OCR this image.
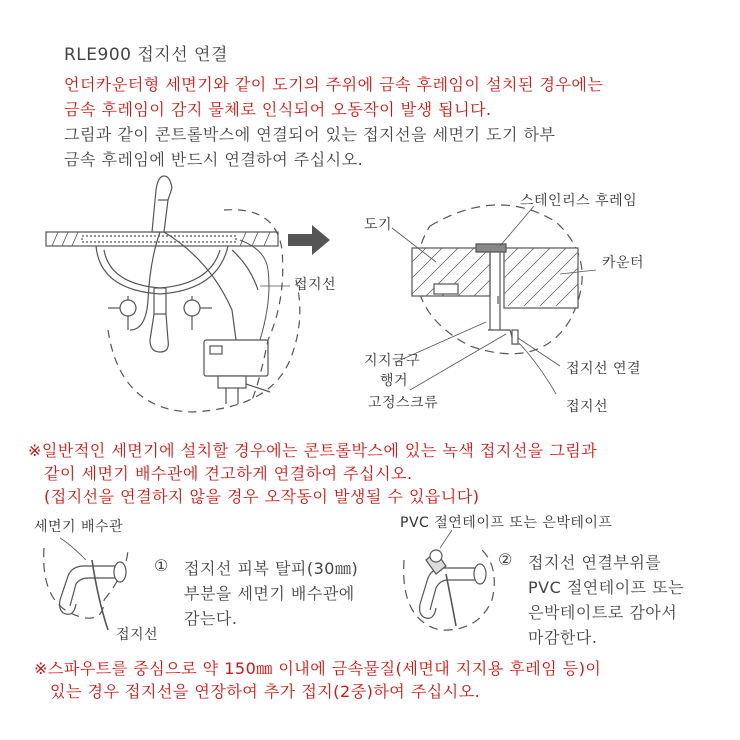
RLE900 접지선 연결
언더카운터형 세면기와 같이 도기의 주위에 금속 후레임이 설치된 경우에는
금속 후레임이 감지 물체로 인식되어 오동작이 발생 됩니다.
그림과 같이 콘트롤박스에 연결되어 있는 접지선을 세면기 도기 하부
금속 후레임에 반드시 연결하여 주십시오.
접지선
도기
스테인리스 후레임
카운터
지지금구
행거
고정스크류
접지선 연결
접지선
※일반적인 세면기에 설치할 경우에는 콘트롤박스에 있는 녹색 접지선을 그림과
같이 세면기 배수관에 견고하게 연결하여 주십시오.
(접지선을 연결하지 않을 경우 오작동이 발생될 수 있읍니다)
세면기 배수관
접지선
① 접지선 피복 탈피(30㎜)
부분을 세면기 배수관에
감는다.
PVC 절연테이프 또는 은박테이프
② 접지선 연결부위를
PVC 절연테이프 또는
은박테이트로 감아서
마감한다.
※스파우트를 중심으로 약 150㎜ 이내에 금속물질(세면대 지지용 후레임 등)이
있는 경우 접지선을 연장하여 추가 접지(2중)하여 주십시오.
